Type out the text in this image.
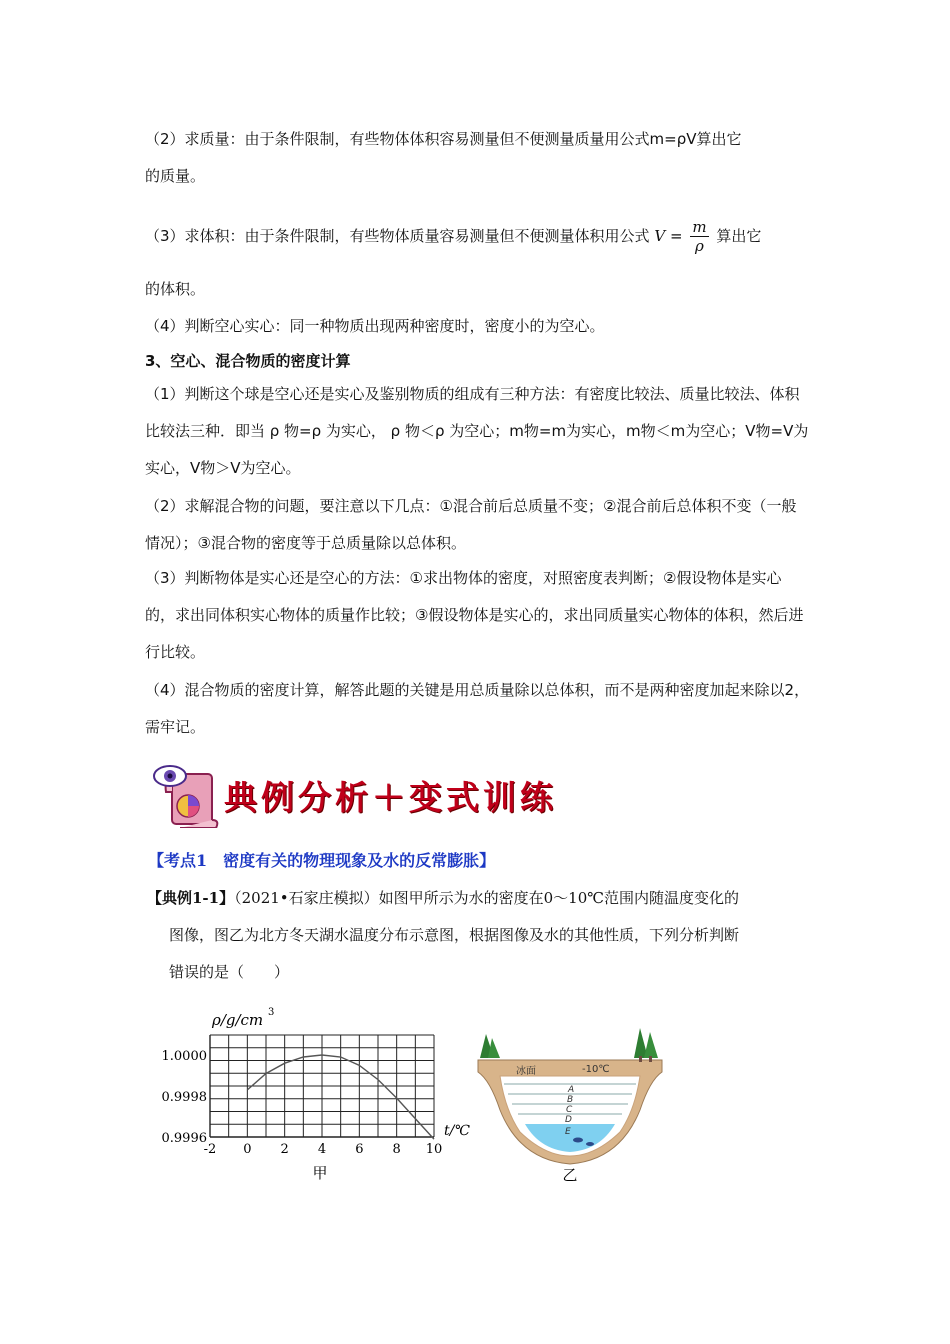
（2）求质量：由于条件限制，有些物体体积容易测量但不便测量质量用公式m=ρV算出它

的质量。

（3）求体积：由于条件限制，有些物体质量容易测量但不便测量体积用公式 $V = \frac{m}{\rho}$ 算出它

的体积。

（4）判断空心实心：同一种物质出现两种密度时，密度小的为空心。

3、空心、混合物质的密度计算

（1）判断这个球是空心还是实心及鉴别物质的组成有三种方法：有密度比较法、质量比较法、体积比较法三种．即当 ρ 物=ρ 为实心， ρ 物＜ρ 为空心；m物=m为实心，m物＜m为空心；V物=V为实心，V物＞V为空心。

（2）求解混合物的问题，要注意以下几点：①混合前后总质量不变；②混合前后总体积不变（一般情况）；③混合物的密度等于总质量除以总体积。

（3）判断物体是实心还是空心的方法：①求出物体的密度，对照密度表判断；②假设物体是实心的，求出同体积实心物体的质量作比较；③假设物体是实心的，求出同质量实心物体的体积，然后进行比较。

（4）混合物质的密度计算，解答此题的关键是用总质量除以总体积，而不是两种密度加起来除以2，需牢记。

典例分析＋变式训练
【考点1　密度有关的物理现象及水的反常膨胀】
【典例1-1】（2021•石家庄模拟）如图甲所示为水的密度在0～10℃范围内随温度变化的
图像，图乙为北方冬天湖水温度分布示意图，根据图像及水的其他性质，下列分析判断
错误的是（　　）
ρ/g/cm 3
t/℃
-2 0 2 4 6 8 10
1.0000
0.9998
0.9996
甲
冰面	-10℃
A
B
C
D
E
乙
